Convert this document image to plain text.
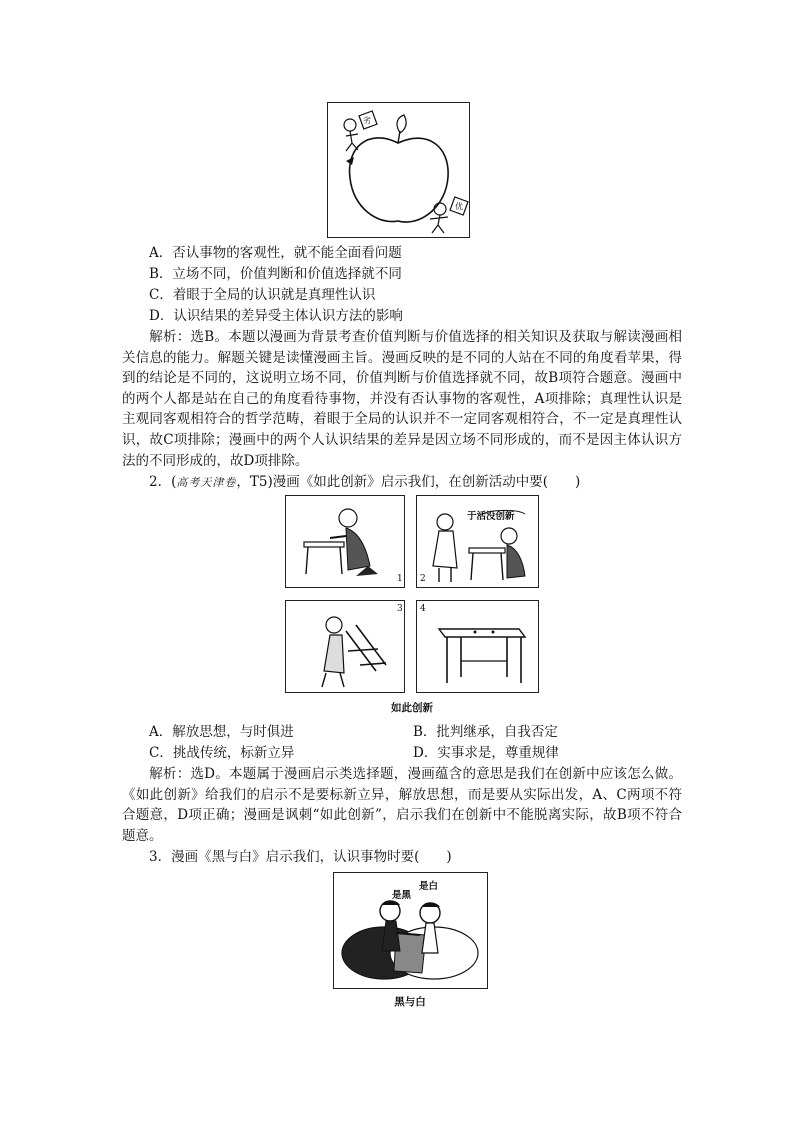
劣
优
A．否认事物的客观性，就不能全面看问题
B．立场不同，价值判断和价值选择就不同
C．着眼于全局的认识就是真理性认识
D．认识结果的差异受主体认识方法的影响
解析：选B。本题以漫画为背景考查价值判断与价值选择的相关知识及获取与解读漫画相关信息的能力。解题关键是读懂漫画主旨。漫画反映的是不同的人站在不同的角度看苹果，得到的结论是不同的，这说明立场不同，价值判断与价值选择就不同，故B项符合题意。漫画中的两个人都是站在自己的角度看待事物，并没有否认事物的客观性，A项排除；真理性认识是主观同客观相符合的哲学范畴，着眼于全局的认识并不一定同客观相符合，不一定是真理性认识，故C项排除；漫画中的两个人认识结果的差异是因立场不同形成的，而不是因主体认识方法的不同形成的，故D项排除。
2．(高考天津卷，T5)漫画《如此创新》启示我们，在创新活动中要(　　)
1
于活没创新
2
3 4
如此创新
A．解放思想，与时俱进	B．批判继承，自我否定
C．挑战传统，标新立异	D．实事求是，尊重规律
解析：选D。本题属于漫画启示类选择题，漫画蕴含的意思是我们在创新中应该怎么做。《如此创新》给我们的启示不是要标新立异，解放思想，而是要从实际出发，A、C两项不符合题意，D项正确；漫画是讽刺“如此创新”，启示我们在创新中不能脱离实际，故B项不符合题意。
3．漫画《黑与白》启示我们，认识事物时要(　　)
是黑
是白
黑与白
